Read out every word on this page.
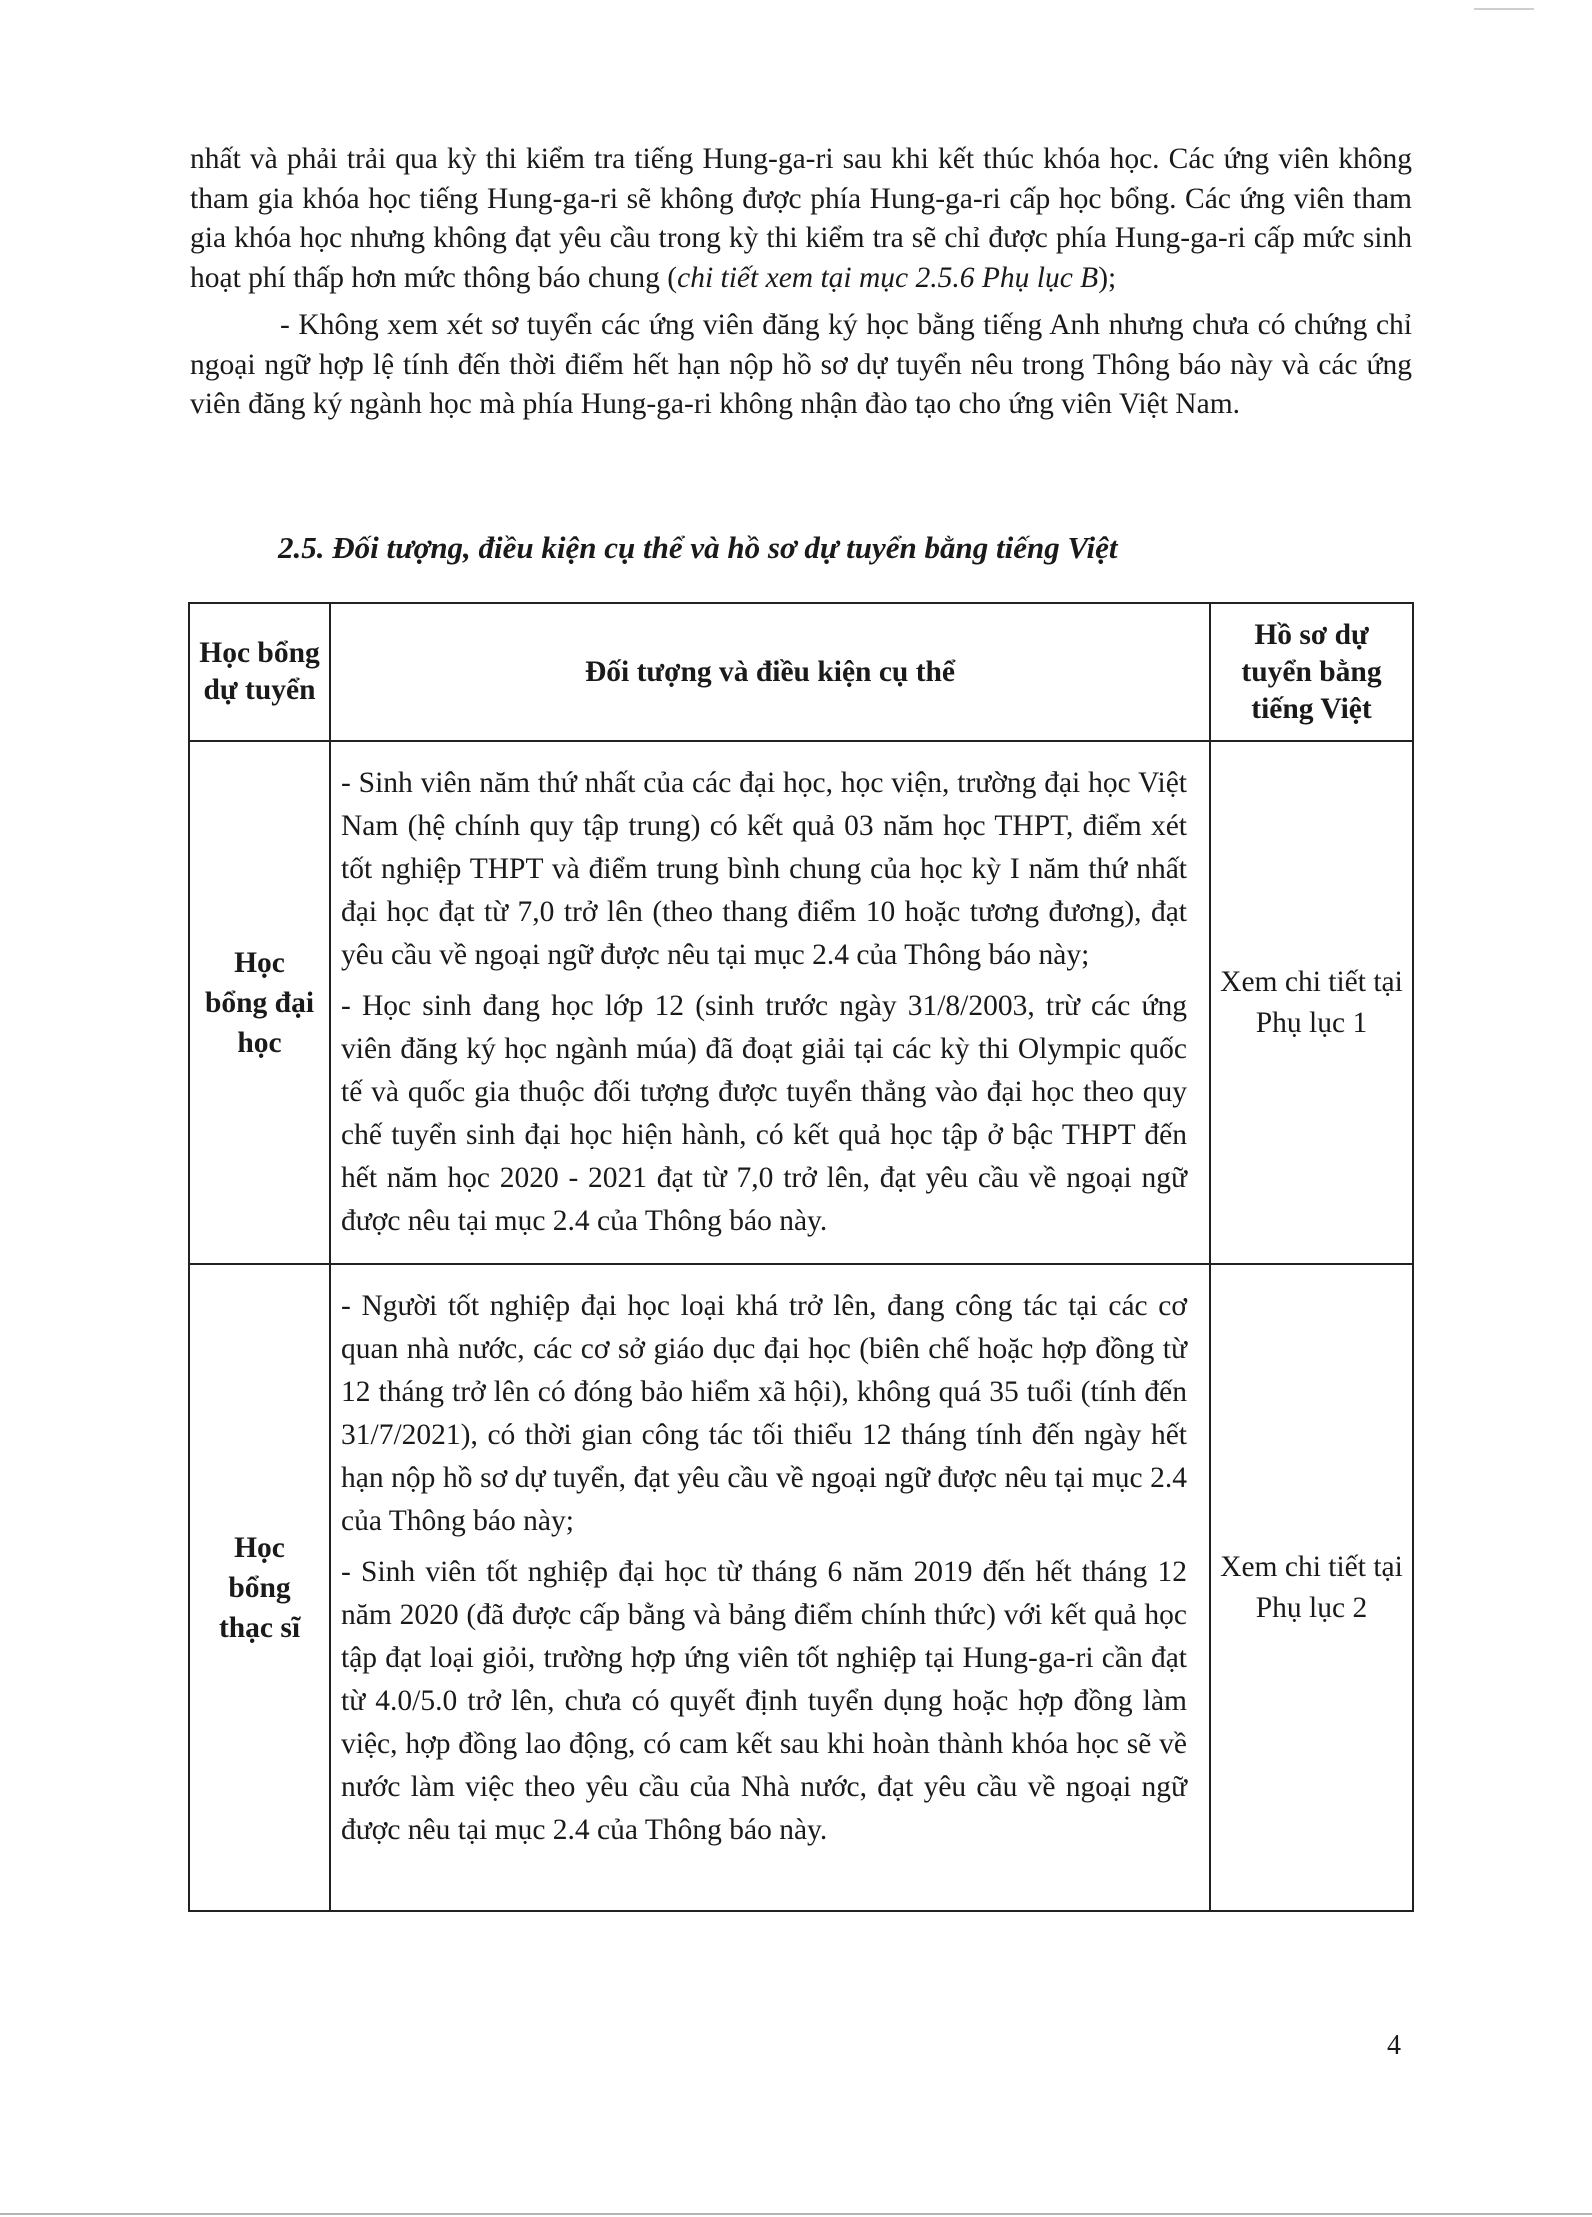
nhất và phải trải qua kỳ thi kiểm tra tiếng Hung-ga-ri sau khi kết thúc khóa học. Các ứng viên không tham gia khóa học tiếng Hung-ga-ri sẽ không được phía Hung-ga-ri cấp học bổng. Các ứng viên tham gia khóa học nhưng không đạt yêu cầu trong kỳ thi kiểm tra sẽ chỉ được phía Hung-ga-ri cấp mức sinh hoạt phí thấp hơn mức thông báo chung (chi tiết xem tại mục 2.5.6 Phụ lục B);

- Không xem xét sơ tuyển các ứng viên đăng ký học bằng tiếng Anh nhưng chưa có chứng chỉ ngoại ngữ hợp lệ tính đến thời điểm hết hạn nộp hồ sơ dự tuyển nêu trong Thông báo này và các ứng viên đăng ký ngành học mà phía Hung-ga-ri không nhận đào tạo cho ứng viên Việt Nam.

2.5. Đối tượng, điều kiện cụ thể và hồ sơ dự tuyển bằng tiếng Việt
Học bổng dự tuyển	Đối tượng và điều kiện cụ thể	Hồ sơ dự tuyển bằng tiếng Việt
Học bổng đại học	- Sinh viên năm thứ nhất của các đại học, học viện, trường đại học Việt Nam (hệ chính quy tập trung) có kết quả 03 năm học THPT, điểm xét tốt nghiệp THPT và điểm trung bình chung của học kỳ I năm thứ nhất đại học đạt từ 7,0 trở lên (theo thang điểm 10 hoặc tương đương), đạt yêu cầu về ngoại ngữ được nêu tại mục 2.4 của Thông báo này;

- Học sinh đang học lớp 12 (sinh trước ngày 31/8/2003, trừ các ứng viên đăng ký học ngành múa) đã đoạt giải tại các kỳ thi Olympic quốc tế và quốc gia thuộc đối tượng được tuyển thẳng vào đại học theo quy chế tuyển sinh đại học hiện hành, có kết quả học tập ở bậc THPT đến hết năm học 2020 - 2021 đạt từ 7,0 trở lên, đạt yêu cầu về ngoại ngữ được nêu tại mục 2.4 của Thông báo này.	Xem chi tiết tại Phụ lục 1
Học bổng thạc sĩ	- Người tốt nghiệp đại học loại khá trở lên, đang công tác tại các cơ quan nhà nước, các cơ sở giáo dục đại học (biên chế hoặc hợp đồng từ 12 tháng trở lên có đóng bảo hiểm xã hội), không quá 35 tuổi (tính đến 31/7/2021), có thời gian công tác tối thiểu 12 tháng tính đến ngày hết hạn nộp hồ sơ dự tuyển, đạt yêu cầu về ngoại ngữ được nêu tại mục 2.4 của Thông báo này;

- Sinh viên tốt nghiệp đại học từ tháng 6 năm 2019 đến hết tháng 12 năm 2020 (đã được cấp bằng và bảng điểm chính thức) với kết quả học tập đạt loại giỏi, trường hợp ứng viên tốt nghiệp tại Hung-ga-ri cần đạt từ 4.0/5.0 trở lên, chưa có quyết định tuyển dụng hoặc hợp đồng làm việc, hợp đồng lao động, có cam kết sau khi hoàn thành khóa học sẽ về nước làm việc theo yêu cầu của Nhà nước, đạt yêu cầu về ngoại ngữ được nêu tại mục 2.4 của Thông báo này.	Xem chi tiết tại Phụ lục 2
4
